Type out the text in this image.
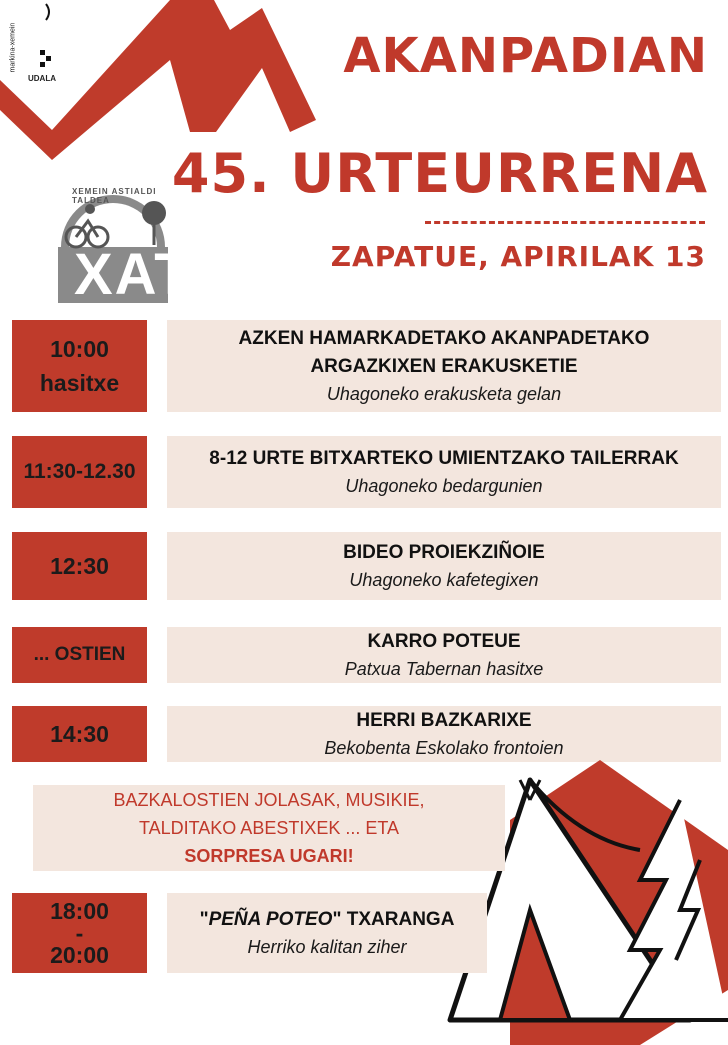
markina-xemein
UDALA	AKANPADIAN
45. URTEURRENA
ZAPATUE, APIRILAK 13
XEMEIN ASTIALDI TALDEA
XAT
10:00
hasitxe
AZKEN HAMARKADETAKO AKANPADETAKO
ARGAZKIXEN ERAKUSKETIE
Uhagoneko erakusketa gelan
11:30-12.30
8-12 URTE BITXARTEKO UMIENTZAKO TAILERRAK
Uhagoneko bedargunien
12:30
BIDEO PROIEKZIÑOIE
Uhagoneko kafetegixen
... OSTIEN
KARRO POTEUE
Patxua Tabernan hasitxe
14:30
HERRI BAZKARIXE
Bekobenta Eskolako frontoien
BAZKALOSTIEN JOLASAK, MUSIKIE,
TALDITAKO ABESTIXEK ... ETA
SORPRESA UGARI!
18:00
-
20:00
"PEÑA POTEO" TXARANGA
Herriko kalitan ziher
